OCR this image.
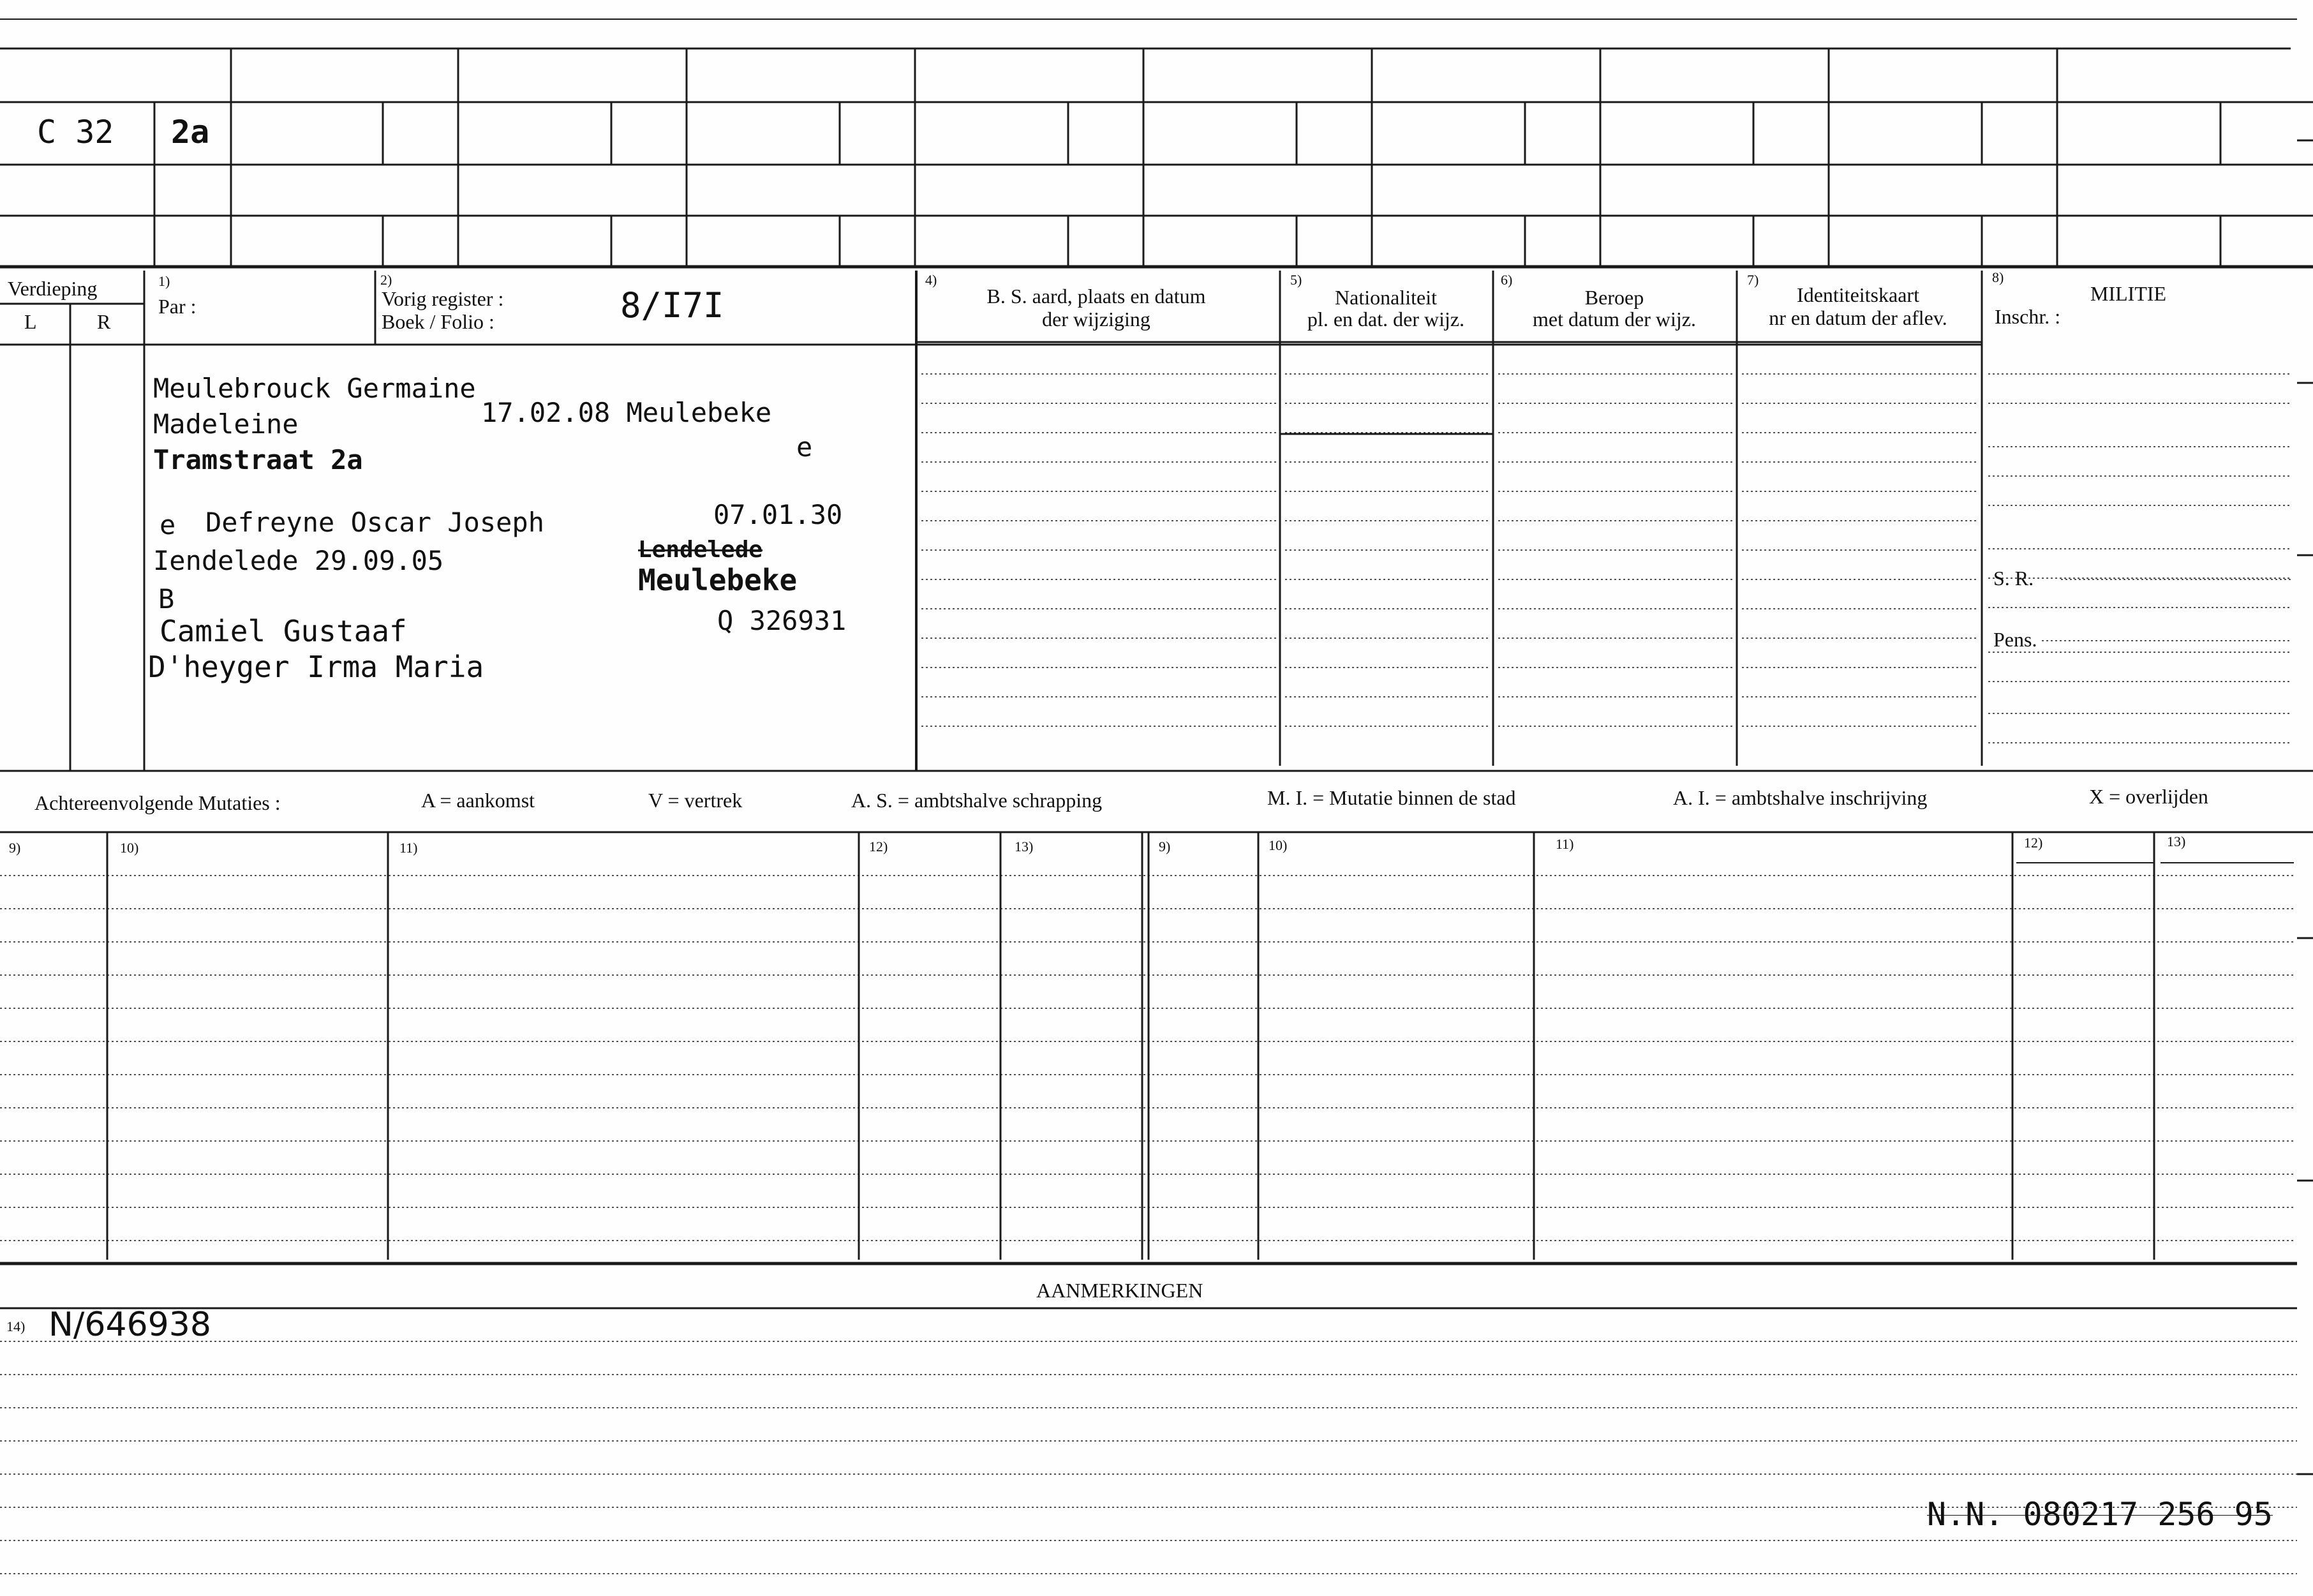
C 32 2a
Verdieping
L	R
1)
Par :
2)
Vorig register :
Boek / Folio :	8/I7I
4)
B. S. aard, plaats en datum
der wijziging
5)
Nationaliteit
pl. en dat. der wijz.
6)
Beroep
met datum der wijz.
7)
Identiteitskaart
nr en datum der aflev.
8)
MILITIE
Inschr. :
S. R.
Pens.
Meulebrouck Germaine
Madeleine	17.02.08 Meulebeke
Tramstraat 2a	e
e Defreyne Oscar Joseph	07.01.30
Iendelede 29.09.05	Lendelede
Meulebeke
B
Q 326931
Camiel Gustaaf
D'heyger Irma Maria
Achtereenvolgende Mutaties :	A = aankomst	V = vertrek	A. S. = ambtshalve schrapping	M. I. = Mutatie binnen de stad	A. I. = ambtshalve inschrijving	X = overlijden
9)	10)	11)	12)	13)	9)	10)	11)	12)	13)
AANMERKINGEN
14) N/646938
N.N. 080217 256 95
